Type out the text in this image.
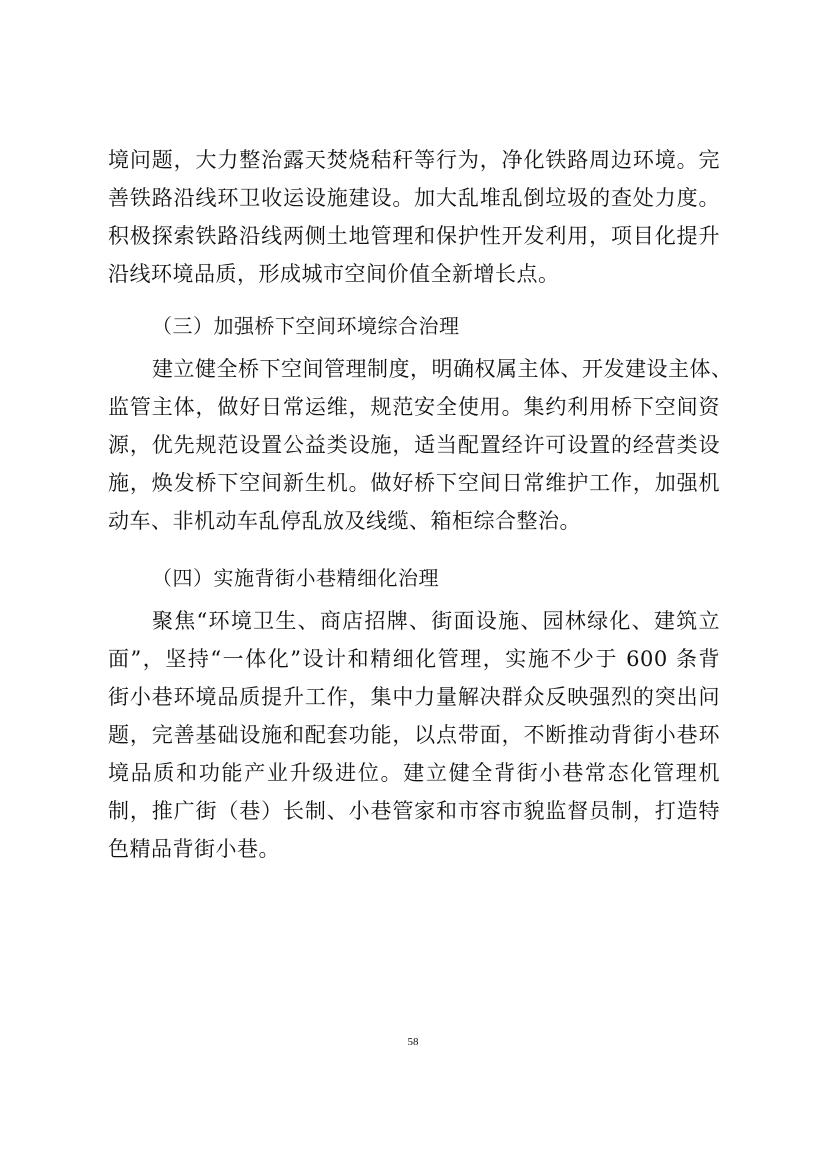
境问题，大力整治露天焚烧秸秆等行为，净化铁路周边环境。完
善铁路沿线环卫收运设施建设。加大乱堆乱倒垃圾的查处力度。
积极探索铁路沿线两侧土地管理和保护性开发利用，项目化提升
沿线环境品质，形成城市空间价值全新增长点。
（三）加强桥下空间环境综合治理
建立健全桥下空间管理制度，明确权属主体、开发建设主体、
监管主体，做好日常运维，规范安全使用。集约利用桥下空间资
源，优先规范设置公益类设施，适当配置经许可设置的经营类设
施，焕发桥下空间新生机。做好桥下空间日常维护工作，加强机
动车、非机动车乱停乱放及线缆、箱柜综合整治。
（四）实施背街小巷精细化治理
聚焦“环境卫生、商店招牌、街面设施、园林绿化、建筑立
面”，坚持“一体化”设计和精细化管理，实施不少于 600 条背
街小巷环境品质提升工作，集中力量解决群众反映强烈的突出问
题，完善基础设施和配套功能，以点带面，不断推动背街小巷环
境品质和功能产业升级进位。建立健全背街小巷常态化管理机
制，推广街（巷）长制、小巷管家和市容市貌监督员制，打造特
色精品背街小巷。
58
